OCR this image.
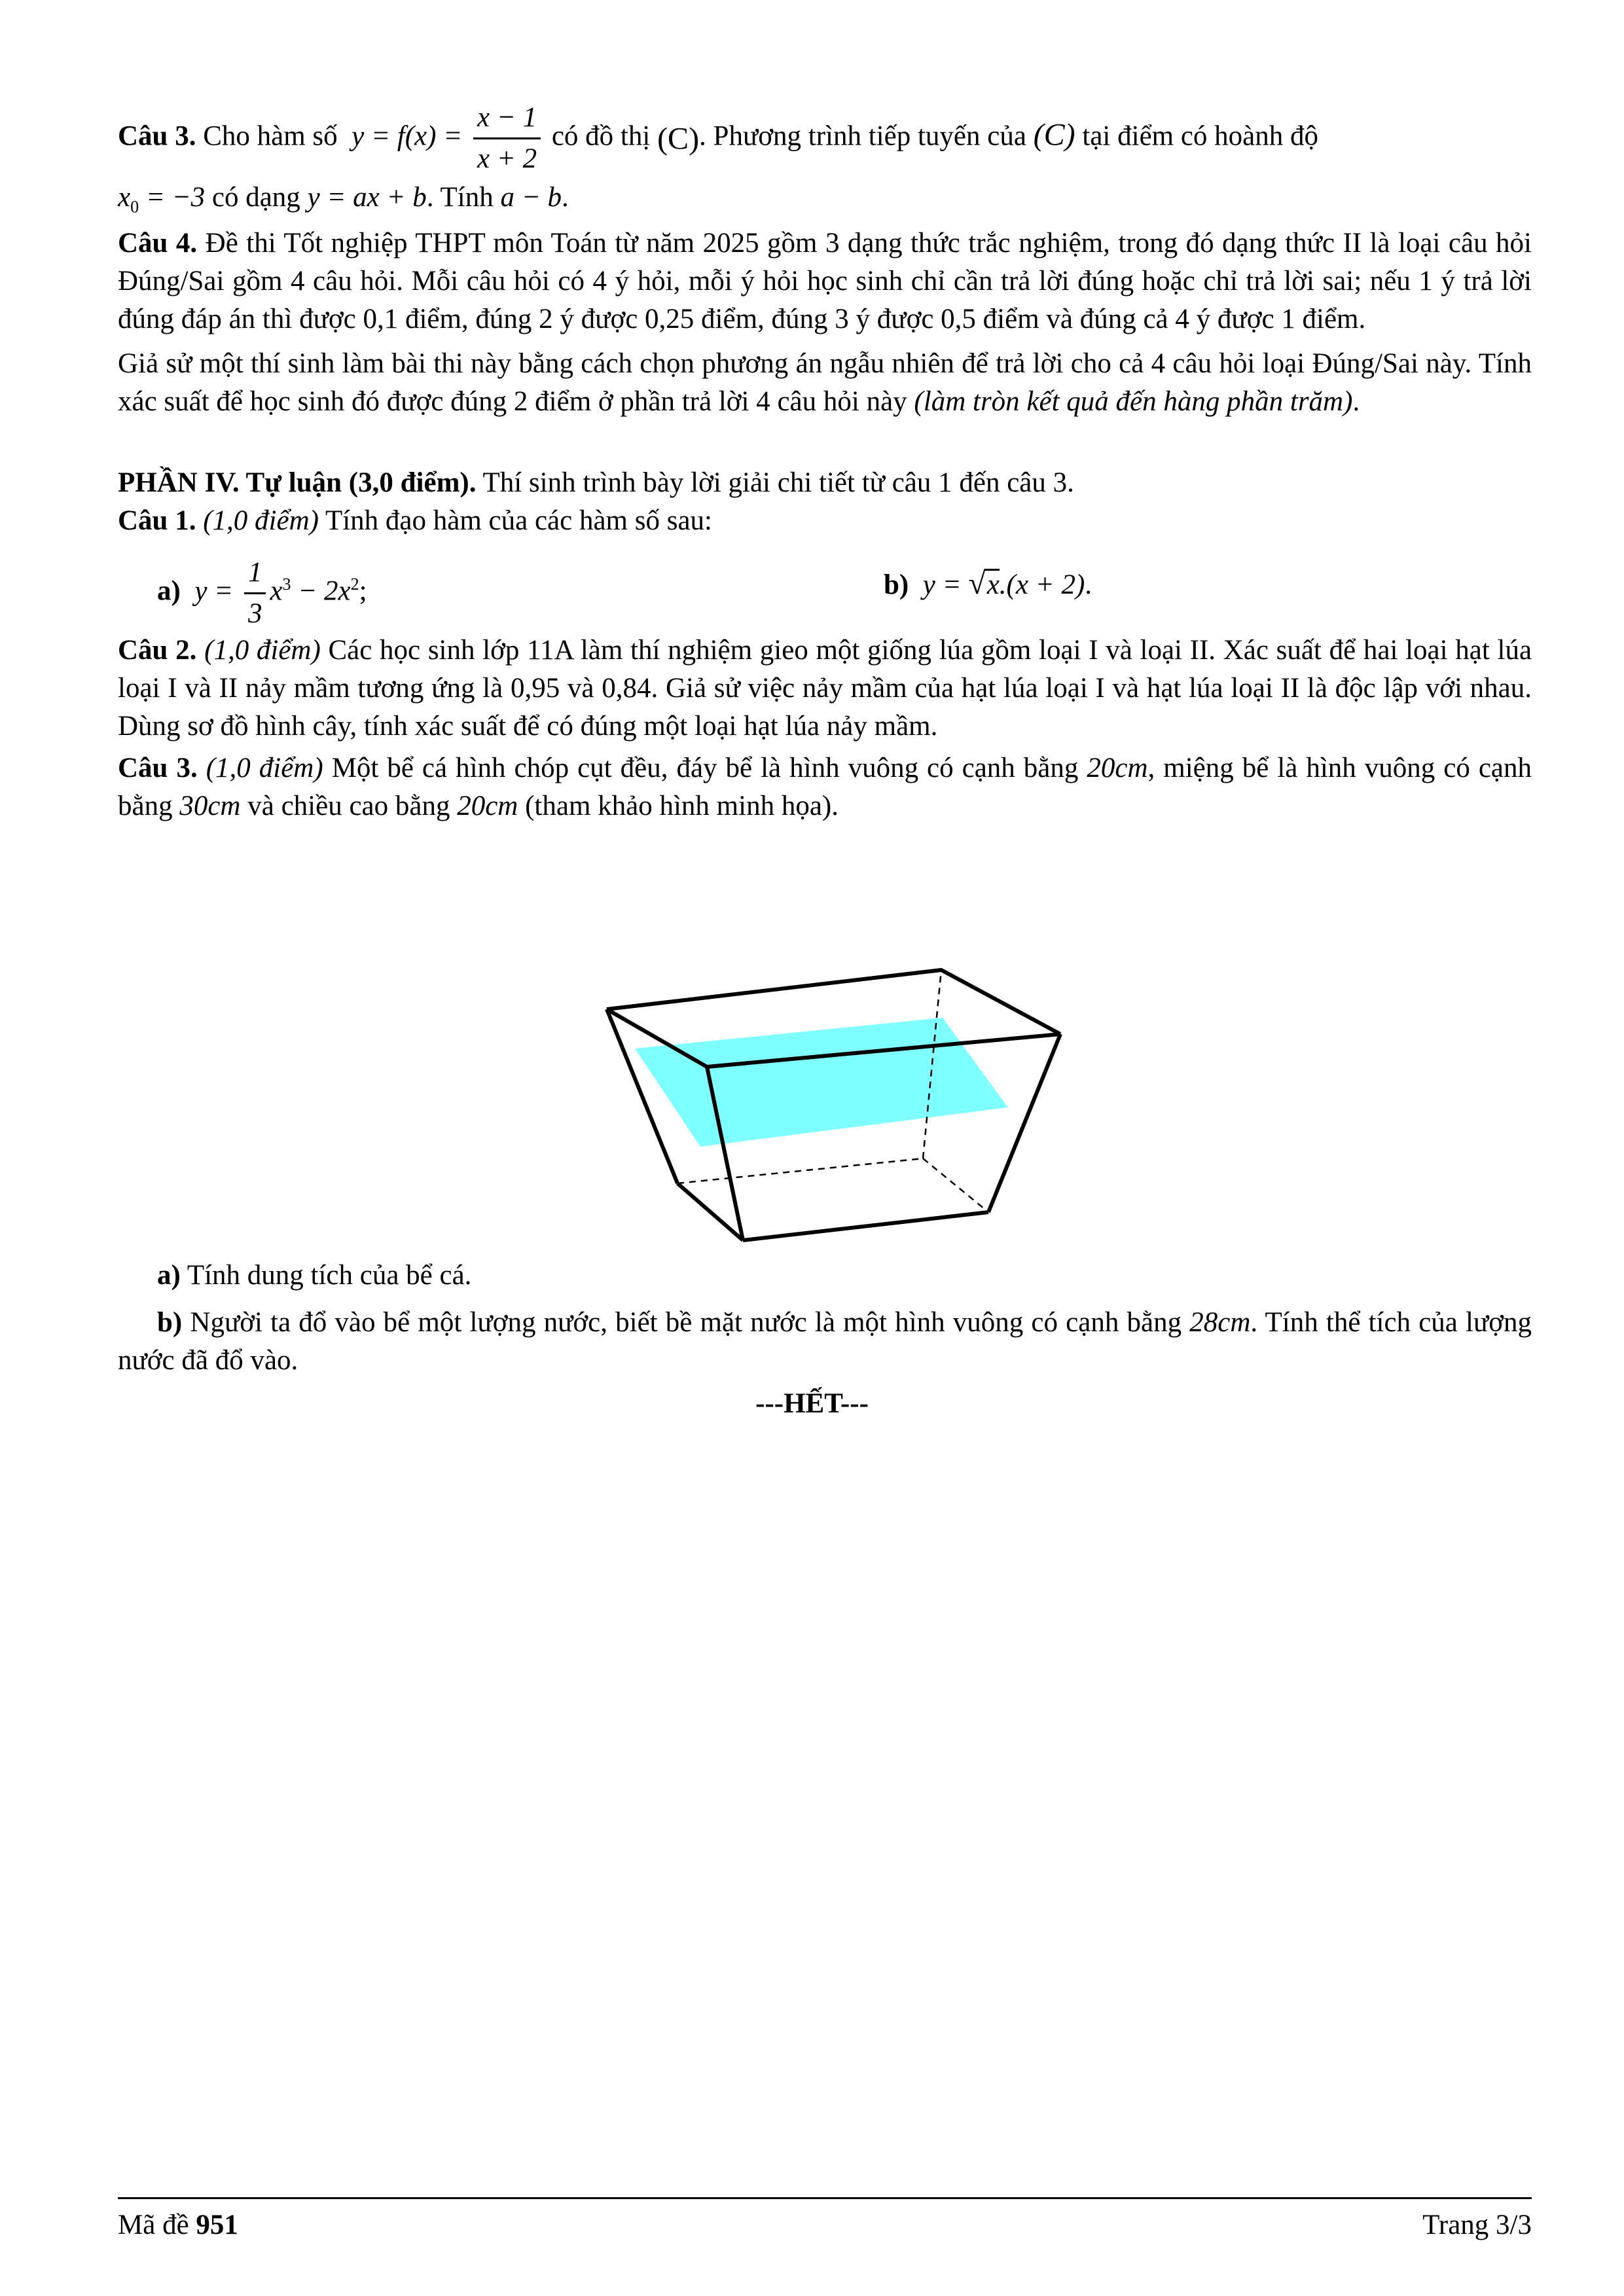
Câu 3. Cho hàm số $y = f(x) = \frac{x - 1}{x + 2}$ có đồ thị (C). Phương trình tiếp tuyến của (C) tại điểm có hoành độ
$x_0 = -3$ có dạng y = ax + b. Tính a − b.

Câu 4. Đề thi Tốt nghiệp THPT môn Toán từ năm 2025 gồm 3 dạng thức trắc nghiệm, trong đó dạng thức II là loại câu hỏi Đúng/Sai gồm 4 câu hỏi. Mỗi câu hỏi có 4 ý hỏi, mỗi ý hỏi học sinh chỉ cần trả lời đúng hoặc chỉ trả lời sai; nếu 1 ý trả lời đúng đáp án thì được 0,1 điểm, đúng 2 ý được 0,25 điểm, đúng 3 ý được 0,5 điểm và đúng cả 4 ý được 1 điểm.

Giả sử một thí sinh làm bài thi này bằng cách chọn phương án ngẫu nhiên để trả lời cho cả 4 câu hỏi loại Đúng/Sai này. Tính xác suất để học sinh đó được đúng 2 điểm ở phần trả lời 4 câu hỏi này (làm tròn kết quả đến hàng phần trăm).

PHẦN IV. Tự luận (3,0 điểm). Thí sinh trình bày lời giải chi tiết từ câu 1 đến câu 3.

Câu 1. (1,0 điểm) Tính đạo hàm của các hàm số sau:

a) $y = \frac{1}{3} x^3 - 2x^2$;	b) y = √x.(x + 2).

Câu 2. (1,0 điểm) Các học sinh lớp 11A làm thí nghiệm gieo một giống lúa gồm loại I và loại II. Xác suất để hai loại hạt lúa loại I và II nảy mầm tương ứng là 0,95 và 0,84. Giả sử việc nảy mầm của hạt lúa loại I và hạt lúa loại II là độc lập với nhau. Dùng sơ đồ hình cây, tính xác suất để có đúng một loại hạt lúa nảy mầm.

Câu 3. (1,0 điểm) Một bể cá hình chóp cụt đều, đáy bể là hình vuông có cạnh bằng 20cm, miệng bể là hình vuông có cạnh bằng 30cm và chiều cao bằng 20cm (tham khảo hình minh họa).

a) Tính dung tích của bể cá.

b) Người ta đổ vào bể một lượng nước, biết bề mặt nước là một hình vuông có cạnh bằng 28cm. Tính thể tích của lượng nước đã đổ vào.

---HẾT---
Mã đề 951	Trang 3/3
